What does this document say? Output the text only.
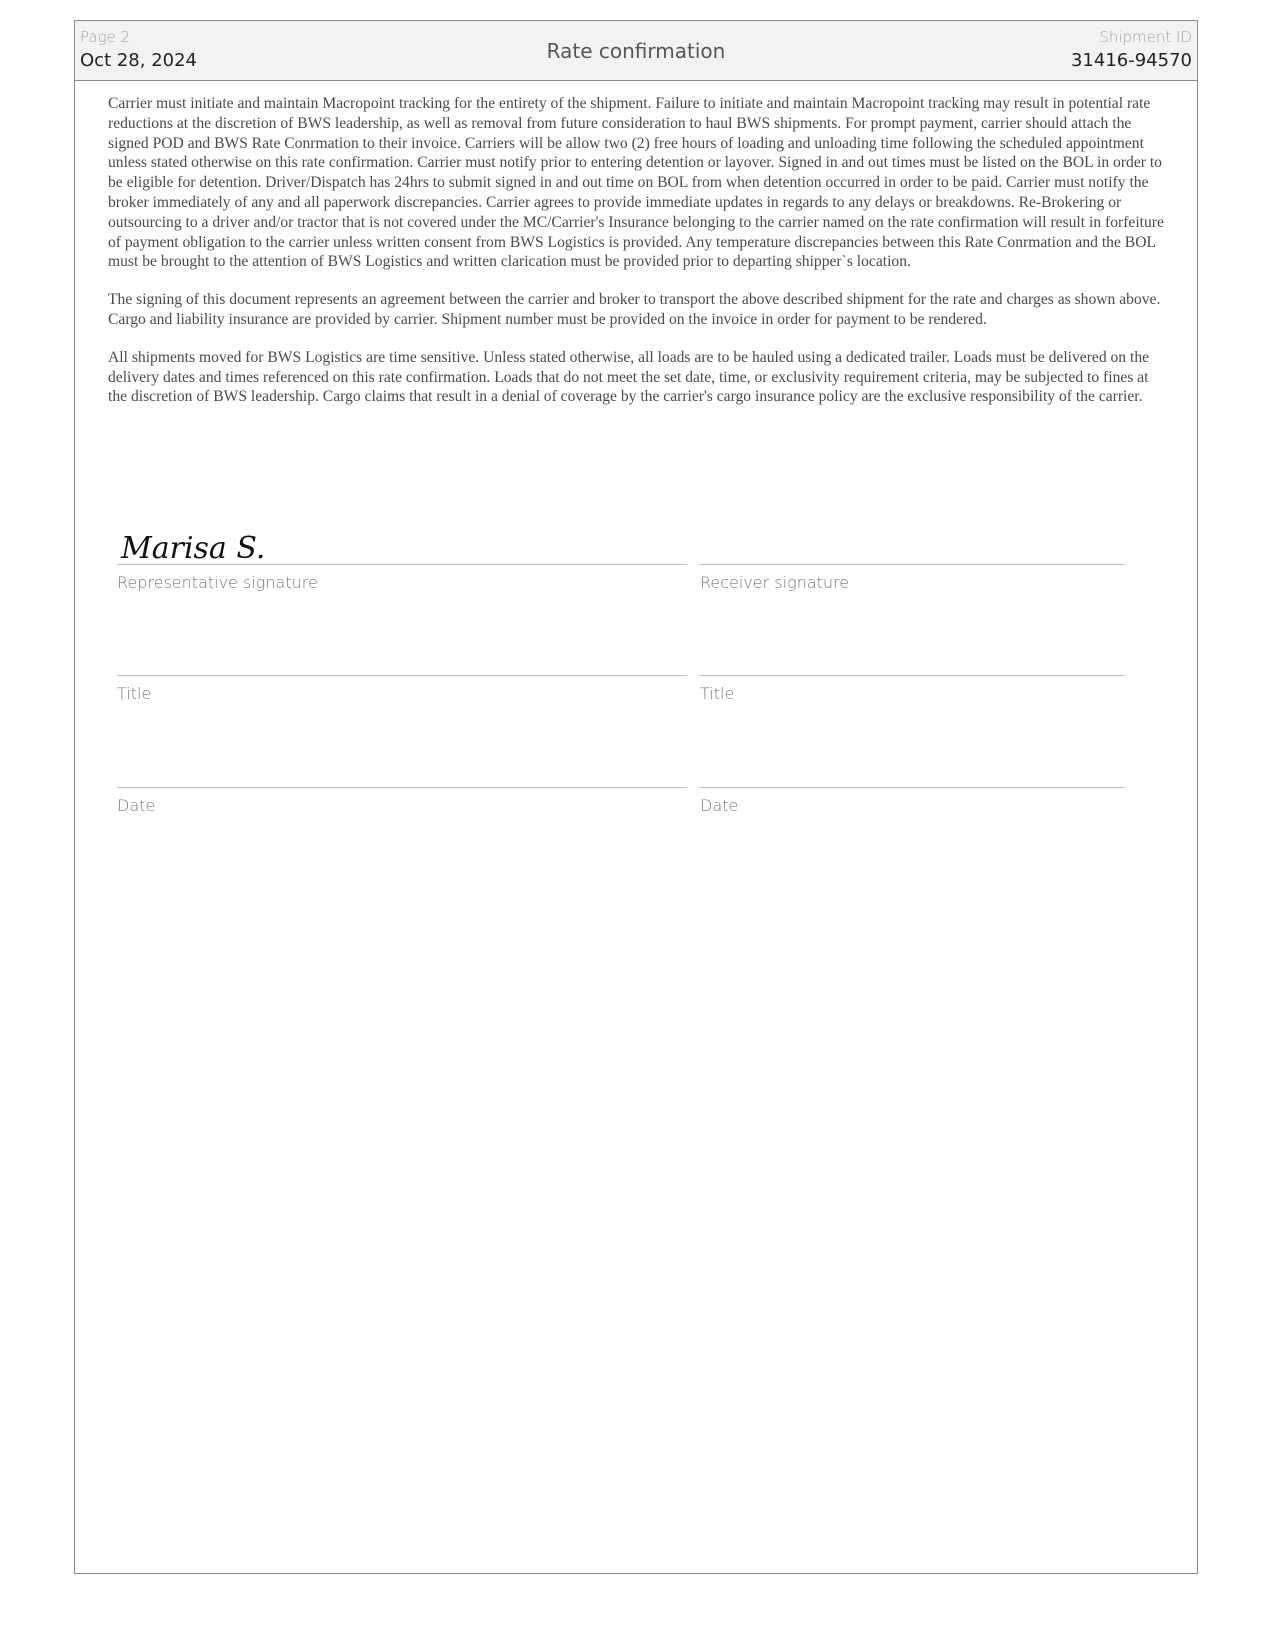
Page 2
Oct 28, 2024	Rate confirmation
Shipment ID
31416-94570

Carrier must initiate and maintain Macropoint tracking for the entirety of the shipment. Failure to initiate and maintain Macropoint tracking may result in potential rate reductions at the discretion of BWS leadership, as well as removal from future consideration to haul BWS shipments. For prompt payment, carrier should attach the signed POD and BWS Rate Conrmation to their invoice. Carriers will be allow two (2) free hours of loading and unloading time following the scheduled appointment unless stated otherwise on this rate confirmation. Carrier must notify prior to entering detention or layover. Signed in and out times must be listed on the BOL in order to be eligible for detention. Driver/Dispatch has 24hrs to submit signed in and out time on BOL from when detention occurred in order to be paid. Carrier must notify the broker immediately of any and all paperwork discrepancies. Carrier agrees to provide immediate updates in regards to any delays or breakdowns. Re-Brokering or outsourcing to a driver and/or tractor that is not covered under the MC/Carrier's Insurance belonging to the carrier named on the rate confirmation will result in forfeiture of payment obligation to the carrier unless written consent from BWS Logistics is provided. Any temperature discrepancies between this Rate Conrmation and the BOL must be brought to the attention of BWS Logistics and written clarication must be provided prior to departing shipper`s location.

The signing of this document represents an agreement between the carrier and broker to transport the above described shipment for the rate and charges as shown above. Cargo and liability insurance are provided by carrier. Shipment number must be provided on the invoice in order for payment to be rendered.

All shipments moved for BWS Logistics are time sensitive. Unless stated otherwise, all loads are to be hauled using a dedicated trailer. Loads must be delivered on the delivery dates and times referenced on this rate confirmation. Loads that do not meet the set date, time, or exclusivity requirement criteria, may be subjected to fines at the discretion of BWS leadership. Cargo claims that result in a denial of coverage by the carrier's cargo insurance policy are the exclusive responsibility of the carrier.

Marisa S.
Representative signature	Receiver signature
Title	Title
Date	Date
